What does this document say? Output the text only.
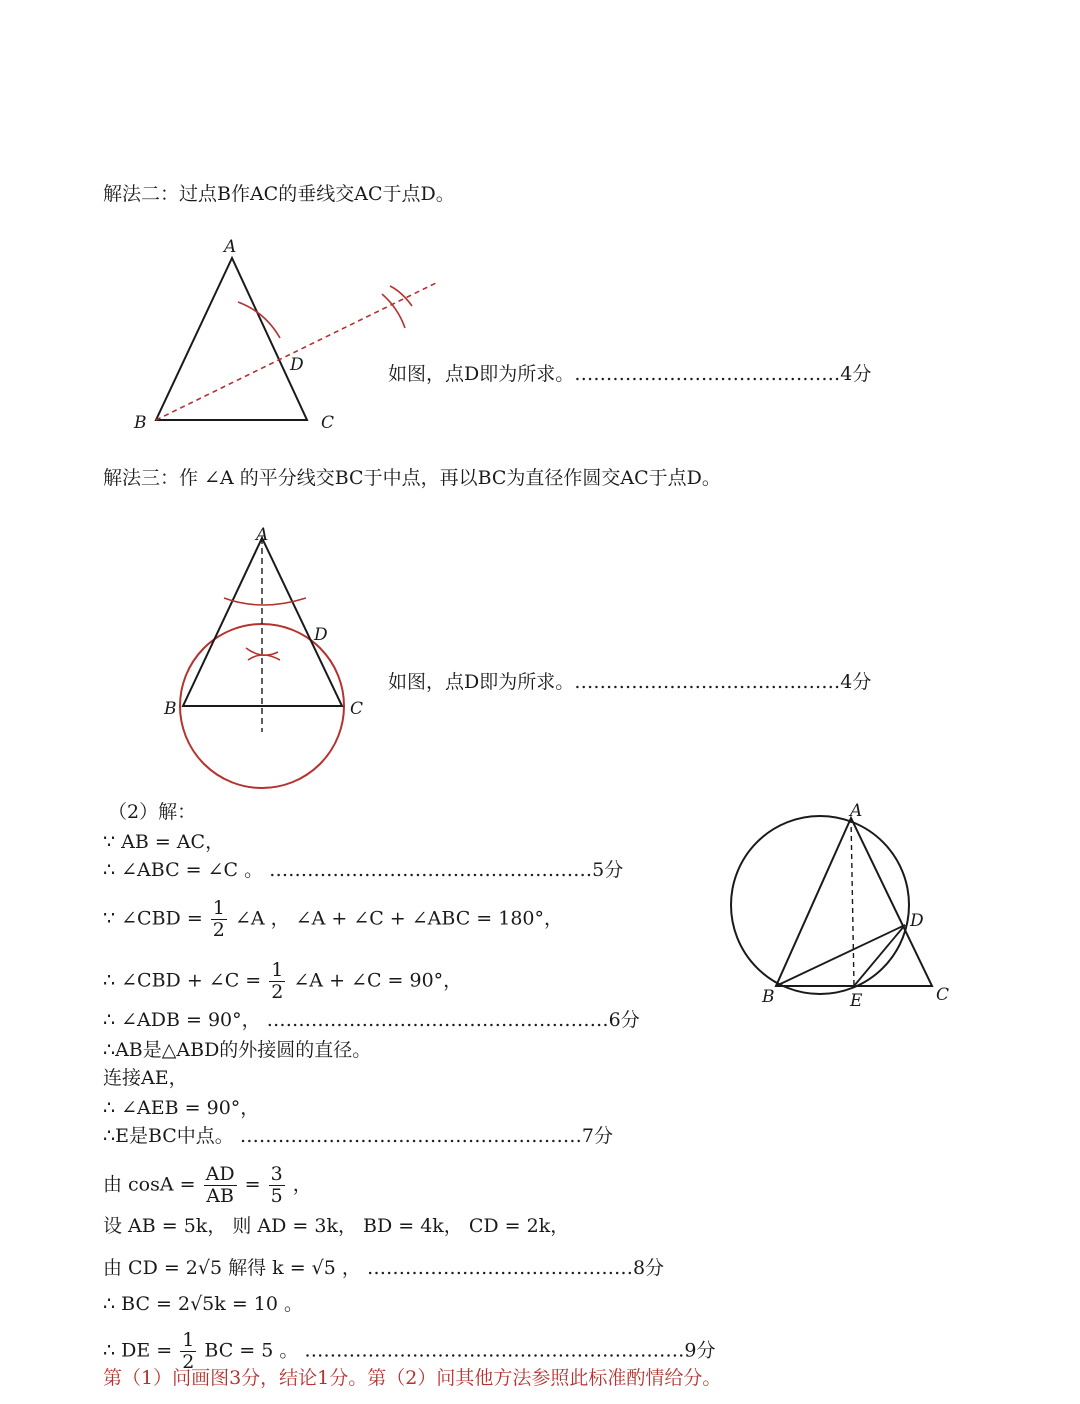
解法二：过点B作AC的垂线交AC于点D。
A
B	C
D	如图，点D即为所求。……………………………………4分
解法三：作 ∠A 的平分线交BC于中点，再以BC为直径作圆交AC于点D。
A
B	C
D
如图，点D即为所求。……………………………………4分
（2）解：
∵ AB = AC，
∴ ∠ABC = ∠C 。 ……………………………………………5分
∵ ∠CBD = $\frac{1}{2}$ ∠A ， ∠A + ∠C + ∠ABC = 180°，
∴ ∠CBD + ∠C = $\frac{1}{2}$ ∠A + ∠C = 90°，
∴ ∠ADB = 90°， ………………………………………………6分
∴AB是△ABD的外接圆的直径。
连接AE，
∴ ∠AEB = 90°，
∴E是BC中点。 ………………………………………………7分
由 $\cos A = \frac{AD}{AB} = \frac{3}{5}$ ，
设 AB = 5k， 则 AD = 3k， BD = 4k， CD = 2k，
由 CD = 2√5 解得 k = √5 ， ……………………………………8分
∴ BC = 2√5k = 10 。
∴ DE = $\frac{1}{2}$ BC = 5 。 ……………………………………………………9分
A
B	C
D
E
第（1）问画图3分，结论1分。第（2）问其他方法参照此标准酌情给分。
